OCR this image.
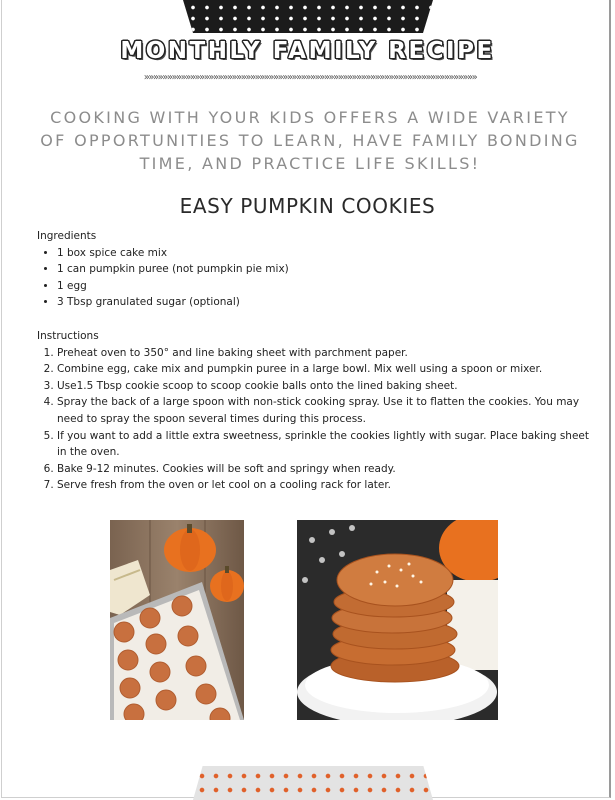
MONTHLY FAMILY RECIPE
»»»»»»»»»»»»»»»»»»»»»»»»»»»»»»»»»»»»»»»»»»»»»»»»»»»»»»»»»»»»»»»»»»»»»»»»
COOKING WITH YOUR KIDS OFFERS A WIDE VARIETY OF OPPORTUNITIES TO LEARN, HAVE FAMILY BONDING TIME, AND PRACTICE LIFE SKILLS!
EASY PUMPKIN COOKIES

Ingredients

• 1 box spice cake mix
• 1 can pumpkin puree (not pumpkin pie mix)
• 1 egg
• 3 Tbsp granulated sugar (optional)

Instructions

1. Preheat oven to 350° and line baking sheet with parchment paper.
2. Combine egg, cake mix and pumpkin puree in a large bowl. Mix well using a spoon or mixer.
3. Use1.5 Tbsp cookie scoop to scoop cookie balls onto the lined baking sheet.
4. Spray the back of a large spoon with non-stick cooking spray. Use it to flatten the cookies. You may need to spray the spoon several times during this process.
5. If you want to add a little extra sweetness, sprinkle the cookies lightly with sugar. Place baking sheet in the oven.
6. Bake 9-12 minutes. Cookies will be soft and springy when ready.
7. Serve fresh from the oven or let cool on a cooling rack for later.
